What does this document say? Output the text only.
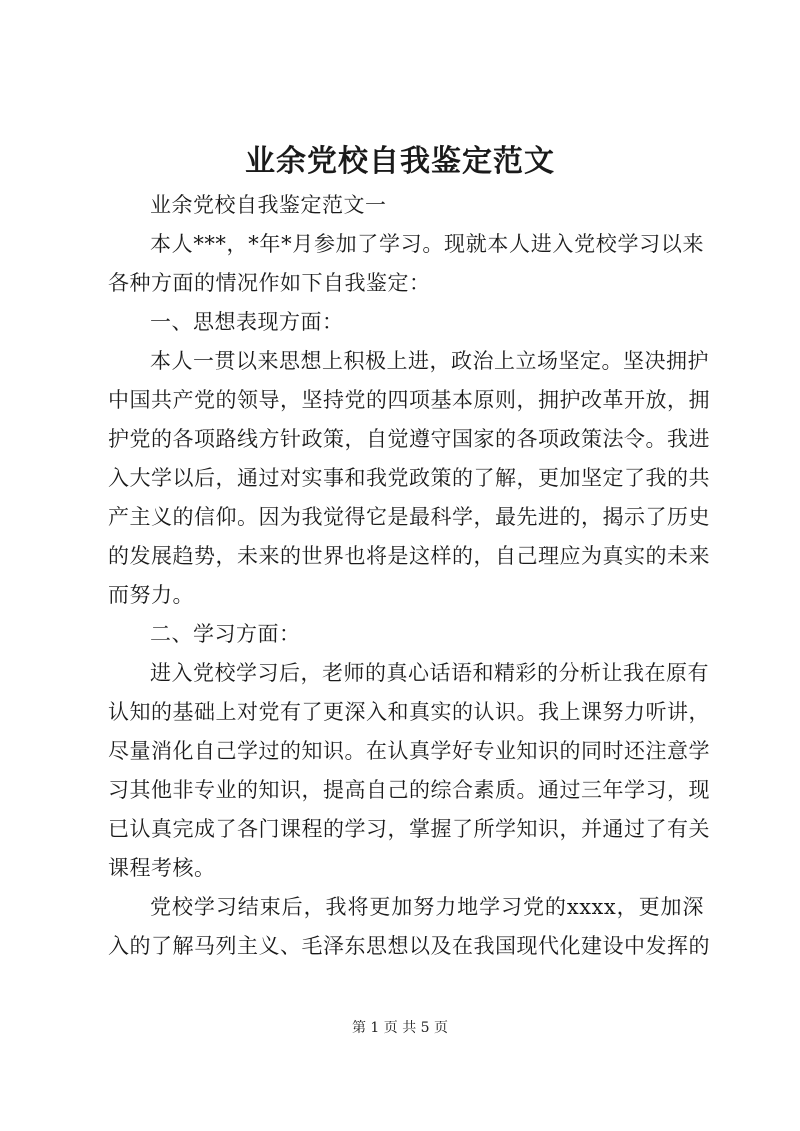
业余党校自我鉴定范文
业余党校自我鉴定范文一
本人***，*年*月参加了学习。现就本人进入党校学习以来
各种方面的情况作如下自我鉴定：
一、思想表现方面：
本人一贯以来思想上积极上进，政治上立场坚定。坚决拥护
中国共产党的领导，坚持党的四项基本原则，拥护改革开放，拥
护党的各项路线方针政策，自觉遵守国家的各项政策法令。我进
入大学以后，通过对实事和我党政策的了解，更加坚定了我的共
产主义的信仰。因为我觉得它是最科学，最先进的，揭示了历史
的发展趋势，未来的世界也将是这样的，自己理应为真实的未来
而努力。
二、学习方面：
进入党校学习后，老师的真心话语和精彩的分析让我在原有
认知的基础上对党有了更深入和真实的认识。我上课努力听讲，
尽量消化自己学过的知识。在认真学好专业知识的同时还注意学
习其他非专业的知识，提高自己的综合素质。通过三年学习，现
已认真完成了各门课程的学习，掌握了所学知识，并通过了有关
课程考核。
党校学习结束后，我将更加努力地学习党的xxxx，更加深
入的了解马列主义、毛泽东思想以及在我国现代化建设中发挥的
第 1 页 共 5 页
